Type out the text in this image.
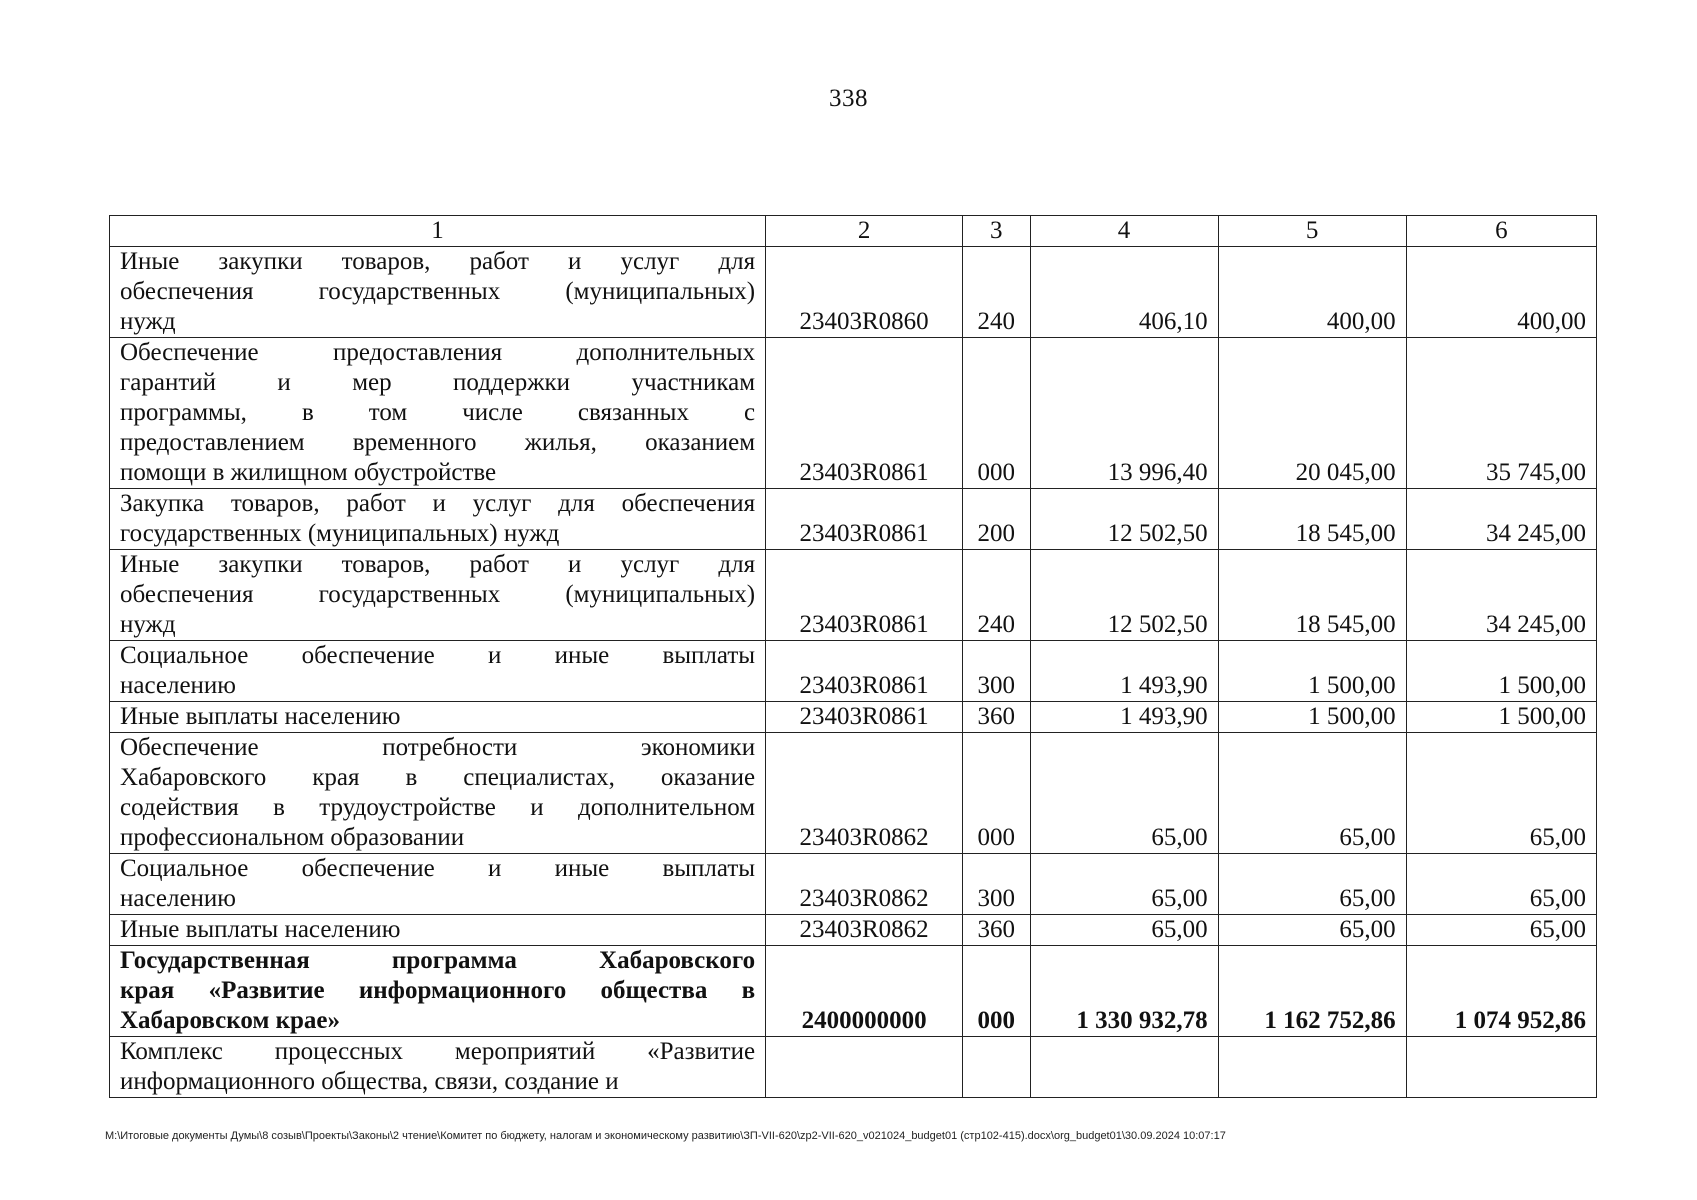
338
1	2	3	4	5	6

Иные закупки товаров, работ и услуг для
обеспечения государственных (муниципальных)
нужд	23403R0860	240	406,10	400,00	400,00

Обеспечение предоставления дополнительных
гарантий и мер поддержки участникам
программы, в том числе связанных с
предоставлением временного жилья, оказанием
помощи в жилищном обустройстве	23403R0861	000	13 996,40	20 045,00	35 745,00

Закупка товаров, работ и услуг для обеспечения
государственных (муниципальных) нужд	23403R0861	200	12 502,50	18 545,00	34 245,00

Иные закупки товаров, работ и услуг для
обеспечения государственных (муниципальных)
нужд	23403R0861	240	12 502,50	18 545,00	34 245,00

Социальное обеспечение и иные выплаты
населению	23403R0861	300	1 493,90	1 500,00	1 500,00

Иные выплаты населению	23403R0861	360	1 493,90	1 500,00	1 500,00

Обеспечение потребности экономики
Хабаровского края в специалистах, оказание
содействия в трудоустройстве и дополнительном
профессиональном образовании	23403R0862	000	65,00	65,00	65,00

Социальное обеспечение и иные выплаты
населению	23403R0862	300	65,00	65,00	65,00

Иные выплаты населению	23403R0862	360	65,00	65,00	65,00

Государственная программа Хабаровского
края «Развитие информационного общества в
Хабаровском крае»	2400000000	000	1 330 932,78	1 162 752,86	1 074 952,86

Комплекс процессных мероприятий «Развитие
информационного общества, связи, создание и					

M:\Итоговые документы Думы\8 созыв\Проекты\Законы\2 чтение\Комитет по бюджету, налогам и экономическому развитию\ЗП-VII-620\zp2-VII-620_v021024_budget01 (стр102-415).docx\org_budget01\30.09.2024 10:07:17
